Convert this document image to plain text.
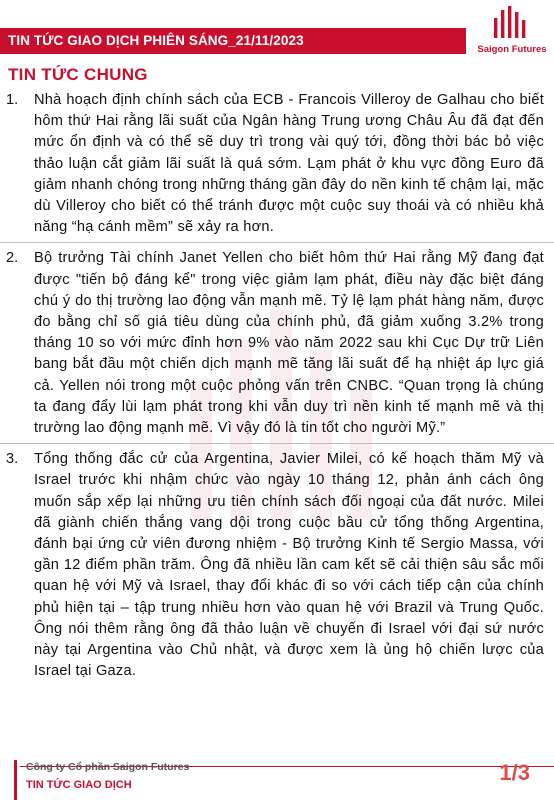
TIN TỨC GIAO DỊCH PHIÊN SÁNG_21/11/2023
Saigon Futures
TIN TỨC CHUNG
1. Nhà hoạch định chính sách của ECB - Francois Villeroy de Galhau cho biết hôm thứ Hai rằng lãi suất của Ngân hàng Trung ương Châu Âu đã đạt đến mức ổn định và có thể sẽ duy trì trong vài quý tới, đồng thời bác bỏ việc thảo luận cắt giảm lãi suất là quá sớm. Lạm phát ở khu vực đồng Euro đã giảm nhanh chóng trong những tháng gần đây do nền kinh tế chậm lại, mặc dù Villeroy cho biết có thể tránh được một cuộc suy thoái và có nhiều khả năng “hạ cánh mềm” sẽ xảy ra hơn.
2. Bộ trưởng Tài chính Janet Yellen cho biết hôm thứ Hai rằng Mỹ đang đạt được "tiến bộ đáng kể" trong việc giảm lạm phát, điều này đặc biệt đáng chú ý do thị trường lao động vẫn mạnh mẽ. Tỷ lệ lạm phát hàng năm, được đo bằng chỉ số giá tiêu dùng của chính phủ, đã giảm xuống 3.2% trong tháng 10 so với mức đỉnh hơn 9% vào năm 2022 sau khi Cục Dự trữ Liên bang bắt đầu một chiến dịch mạnh mẽ tăng lãi suất để hạ nhiệt áp lực giá cả. Yellen nói trong một cuộc phỏng vấn trên CNBC. “Quan trọng là chúng ta đang đẩy lùi lạm phát trong khi vẫn duy trì nền kinh tế mạnh mẽ và thị trường lao động mạnh mẽ. Vì vậy đó là tin tốt cho người Mỹ.”
3. Tổng thống đắc cử của Argentina, Javier Milei, có kế hoạch thăm Mỹ và Israel trước khi nhậm chức vào ngày 10 tháng 12, phản ánh cách ông muốn sắp xếp lại những ưu tiên chính sách đối ngoại của đất nước. Milei đã giành chiến thắng vang dội trong cuộc bầu cử tổng thống Argentina, đánh bại ứng cử viên đương nhiệm - Bộ trưởng Kinh tế Sergio Massa, với gần 12 điểm phần trăm. Ông đã nhiều lần cam kết sẽ cải thiện sâu sắc mối quan hệ với Mỹ và Israel, thay đổi khác đi so với cách tiếp cận của chính phủ hiện tại – tập trung nhiều hơn vào quan hệ với Brazil và Trung Quốc. Ông nói thêm rằng ông đã thảo luận về chuyến đi Israel với đại sứ nước này tại Argentina vào Chủ nhật, và được xem là ủng hộ chiến lược của Israel tại Gaza.
Công ty Cổ phần Saigon Futures
TIN TỨC GIAO DỊCH	1/3
